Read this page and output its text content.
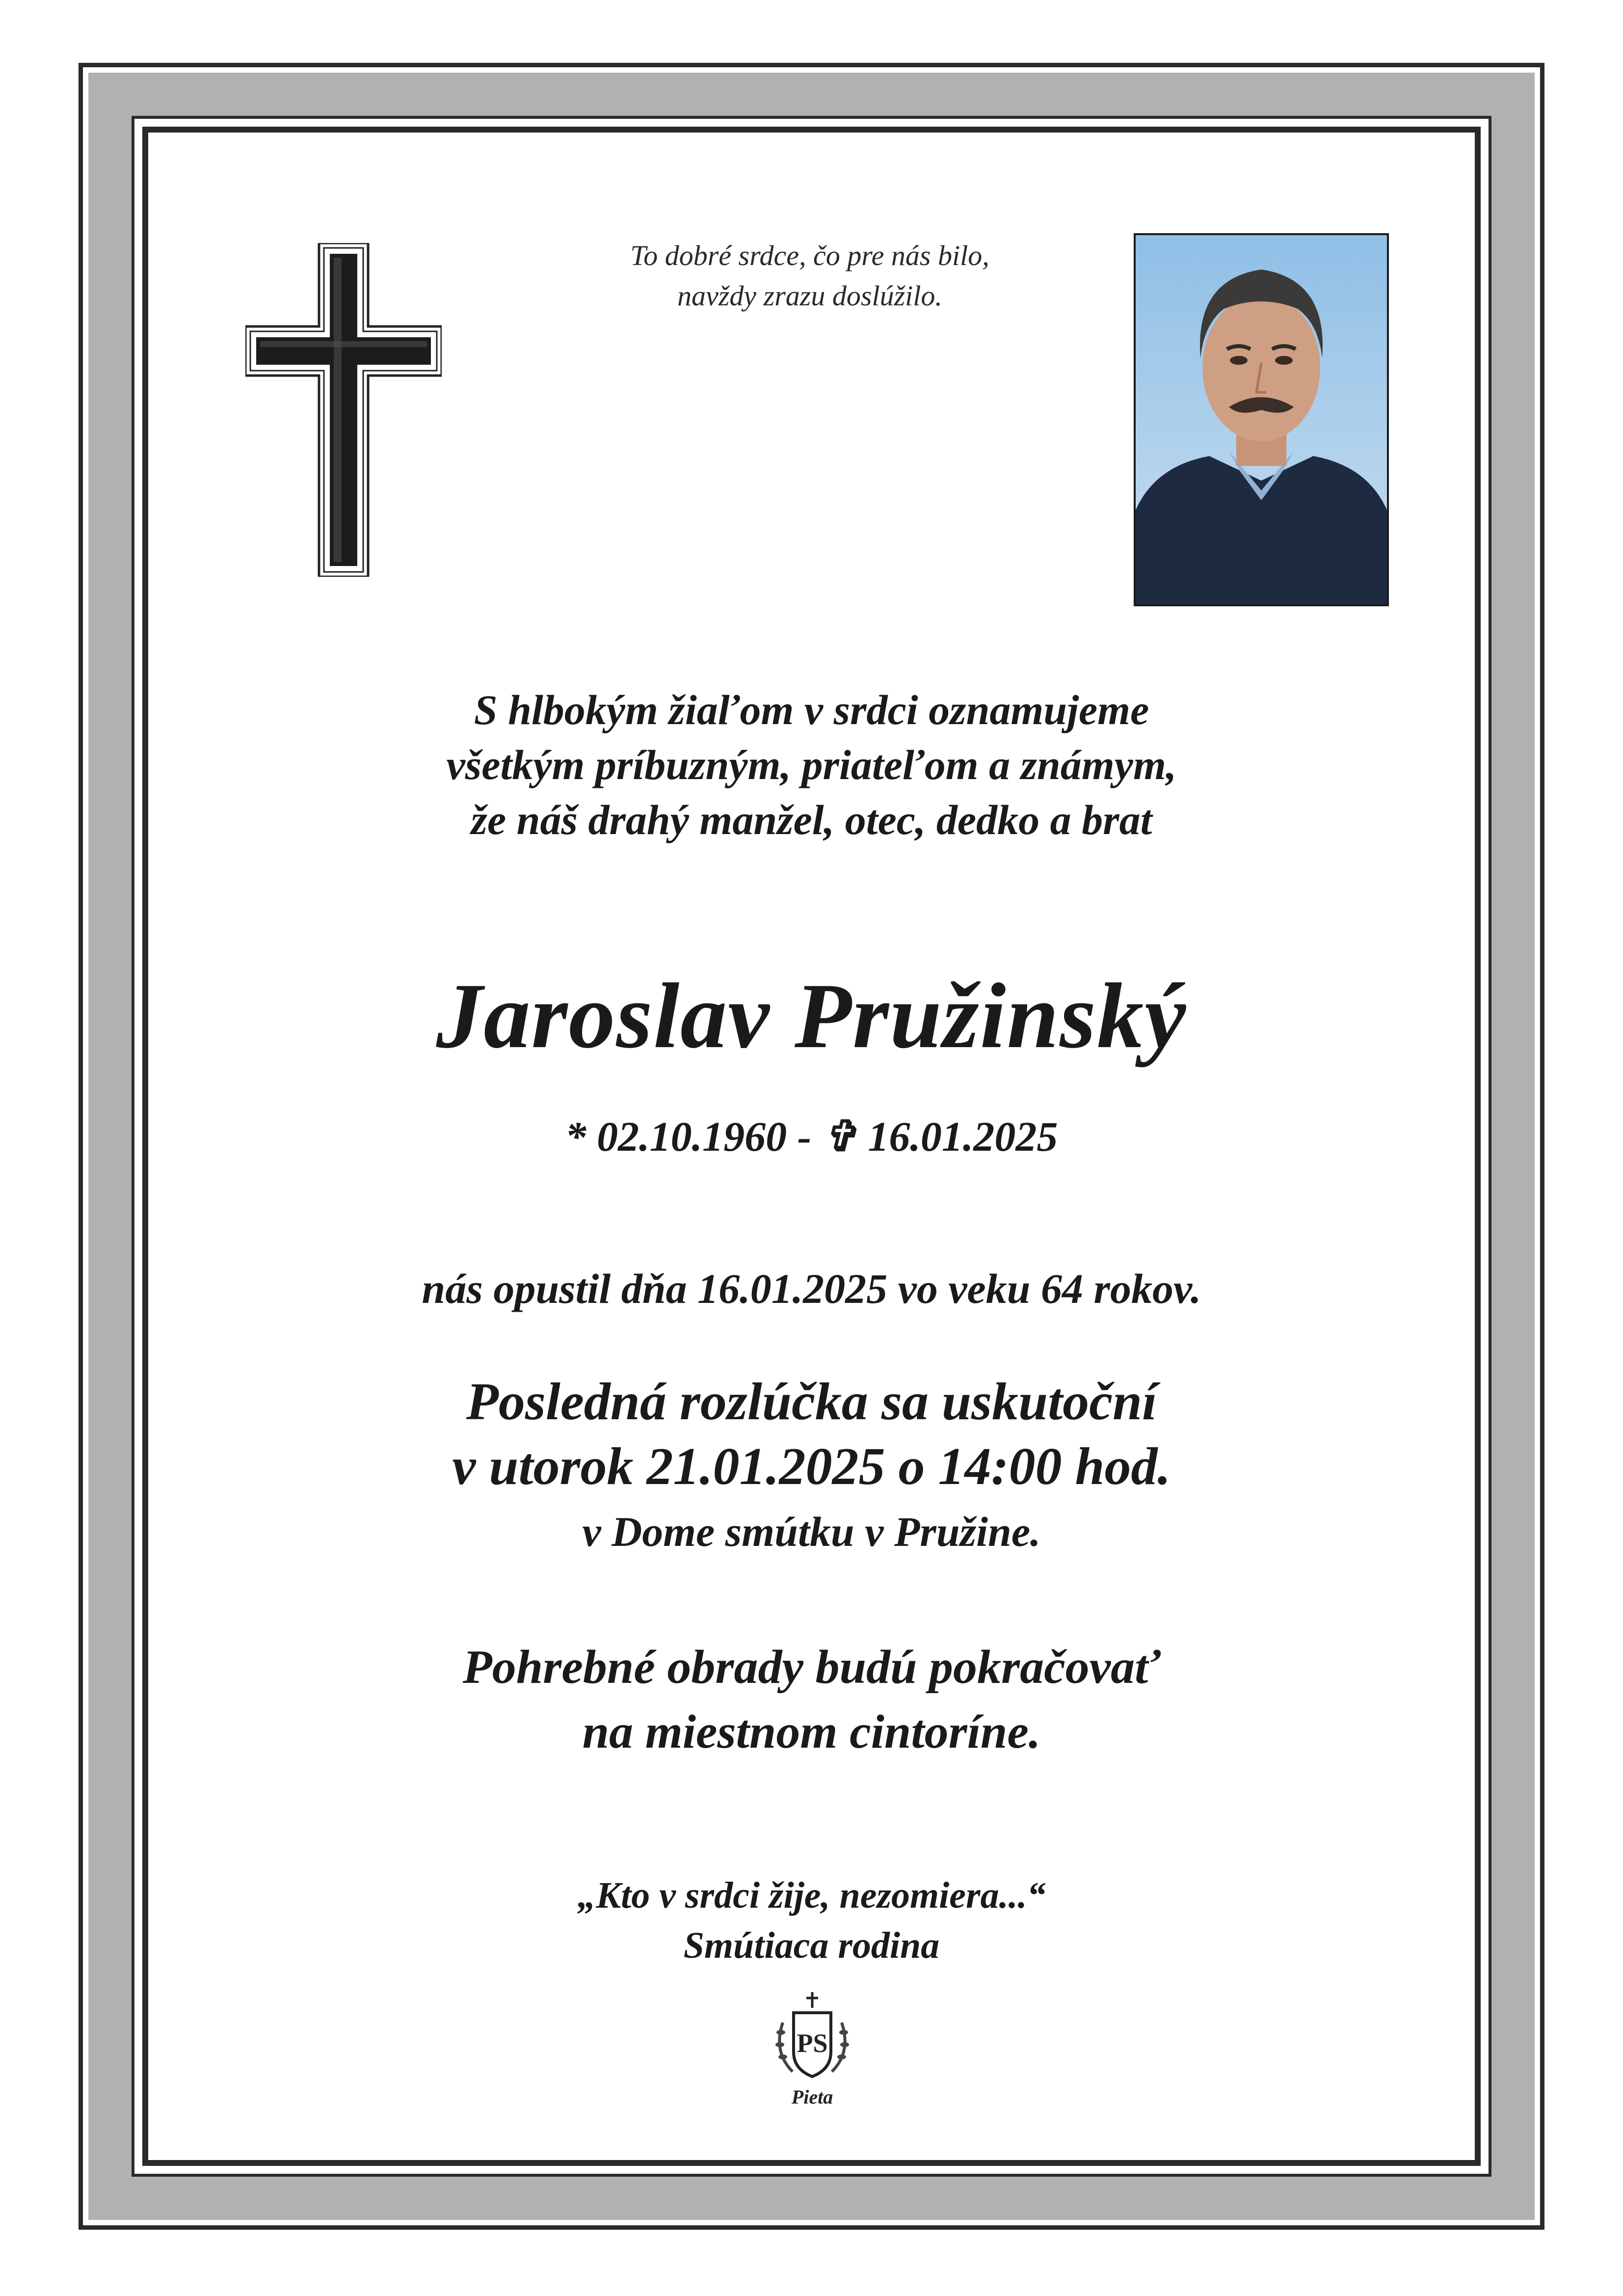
To dobré srdce, čo pre nás bilo,
navždy zrazu doslúžilo.
S hlbokým žiaľom v srdci oznamujeme
všetkým príbuzným, priateľom a známym,
že náš drahý manžel, otec, dedko a brat
Jaroslav Pružinský
* 02.10.1960 - ✞ 16.01.2025
nás opustil dňa 16.01.2025 vo veku 64 rokov.
Posledná rozlúčka sa uskutoční
v utorok 21.01.2025 o 14:00 hod.
v Dome smútku v Pružine.
Pohrebné obrady budú pokračovať
na miestnom cintoríne.
„Kto v srdci žije, nezomiera...“
Smútiaca rodina
PS
Pieta
